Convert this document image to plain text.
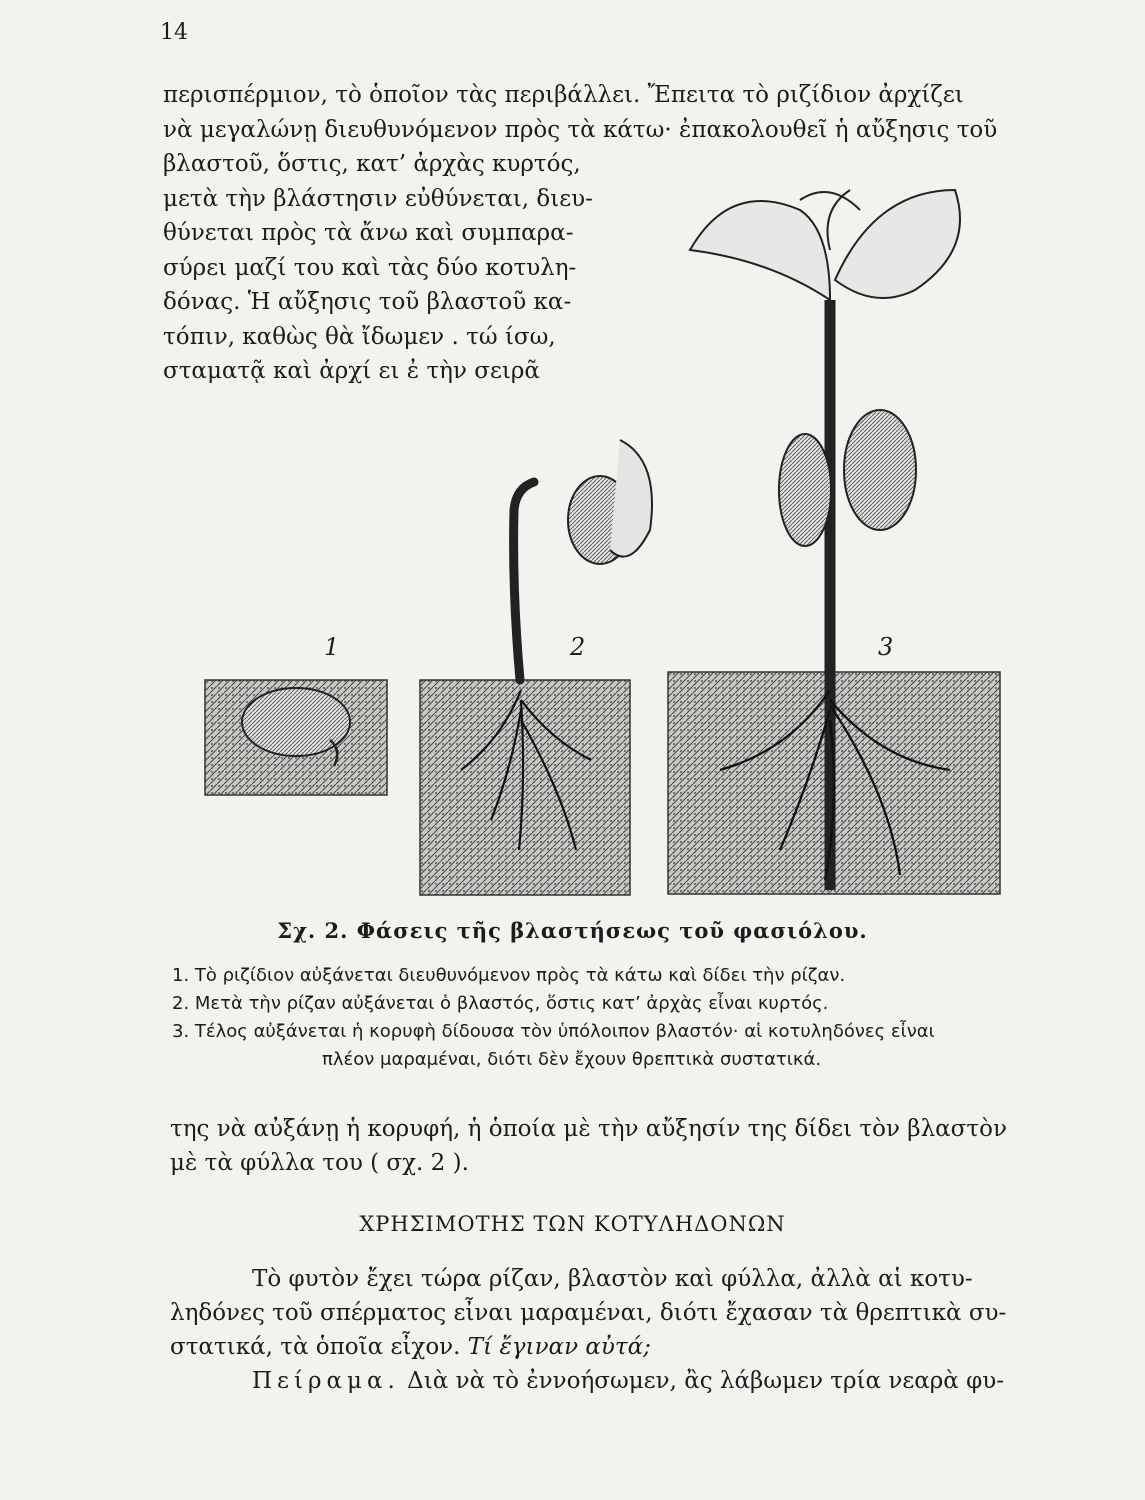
14

περισπέρμιον, τὸ ὁποῖον τὰς περιβάλλει. Ἔπειτα τὸ ριζίδιον ἀρχίζει

νὰ μεγαλώνῃ διευθυνόμενον πρὸς τὰ κάτω· ἐπακολουθεῖ ἡ αὔξησις τοῦ

βλαστοῦ, ὅστις, κατ’ ἀρχὰς κυρτός,

μετὰ τὴν βλάστησιν εὐθύνεται, διευ-

θύνεται πρὸς τὰ ἄνω καὶ συμπαρα-

σύρει μαζί του καὶ τὰς δύο κοτυλη-

δόνας. Ἡ αὔξησις τοῦ βλαστοῦ κα-

τόπιν, καθὼς θὰ ἴδωμεν . τώ ίσω,

σταματᾷ καὶ ἀρχί ει ἐ τὴν σειρᾶ

1	2	3
Σχ. 2. Φάσεις τῆς βλαστήσεως τοῦ φασιόλου.

1. Τὸ ριζίδιον αὐξάνεται διευθυνόμενον πρὸς τὰ κάτω καὶ δίδει τὴν ρίζαν.

2. Μετὰ τὴν ρίζαν αὐξάνεται ὁ βλαστός, ὅστις κατ’ ἀρχὰς εἶναι κυρτός.

3. Τέλος αὐξάνεται ἡ κορυφὴ δίδουσα τὸν ὑπόλοιπον βλαστόν· αἱ κοτυληδόνες εἶναι

πλέον μαραμέναι, διότι δὲν ἔχουν θρεπτικὰ συστατικά.

της νὰ αὐξάνῃ ἡ κορυφή, ἡ ὁποία μὲ τὴν αὔξησίν της δίδει τὸν βλαστὸν

μὲ τὰ φύλλα του ( σχ. 2 ).

ΧΡΗΣΙΜΟΤΗΣ ΤΩΝ ΚΟΤΥΛΗΔΟΝΩΝ

Τὸ φυτὸν ἔχει τώρα ρίζαν, βλαστὸν καὶ φύλλα, ἀλλὰ αἱ κοτυ-

ληδόνες τοῦ σπέρματος εἶναι μαραμέναι, διότι ἔχασαν τὰ θρεπτικὰ συ-

στατικά, τὰ ὁποῖα εἶχον. Τί ἔγιναν αὐτά;

Πείραμα. Διὰ νὰ τὸ ἐννοήσωμεν, ἂς λάβωμεν τρία νεαρὰ φυ-
